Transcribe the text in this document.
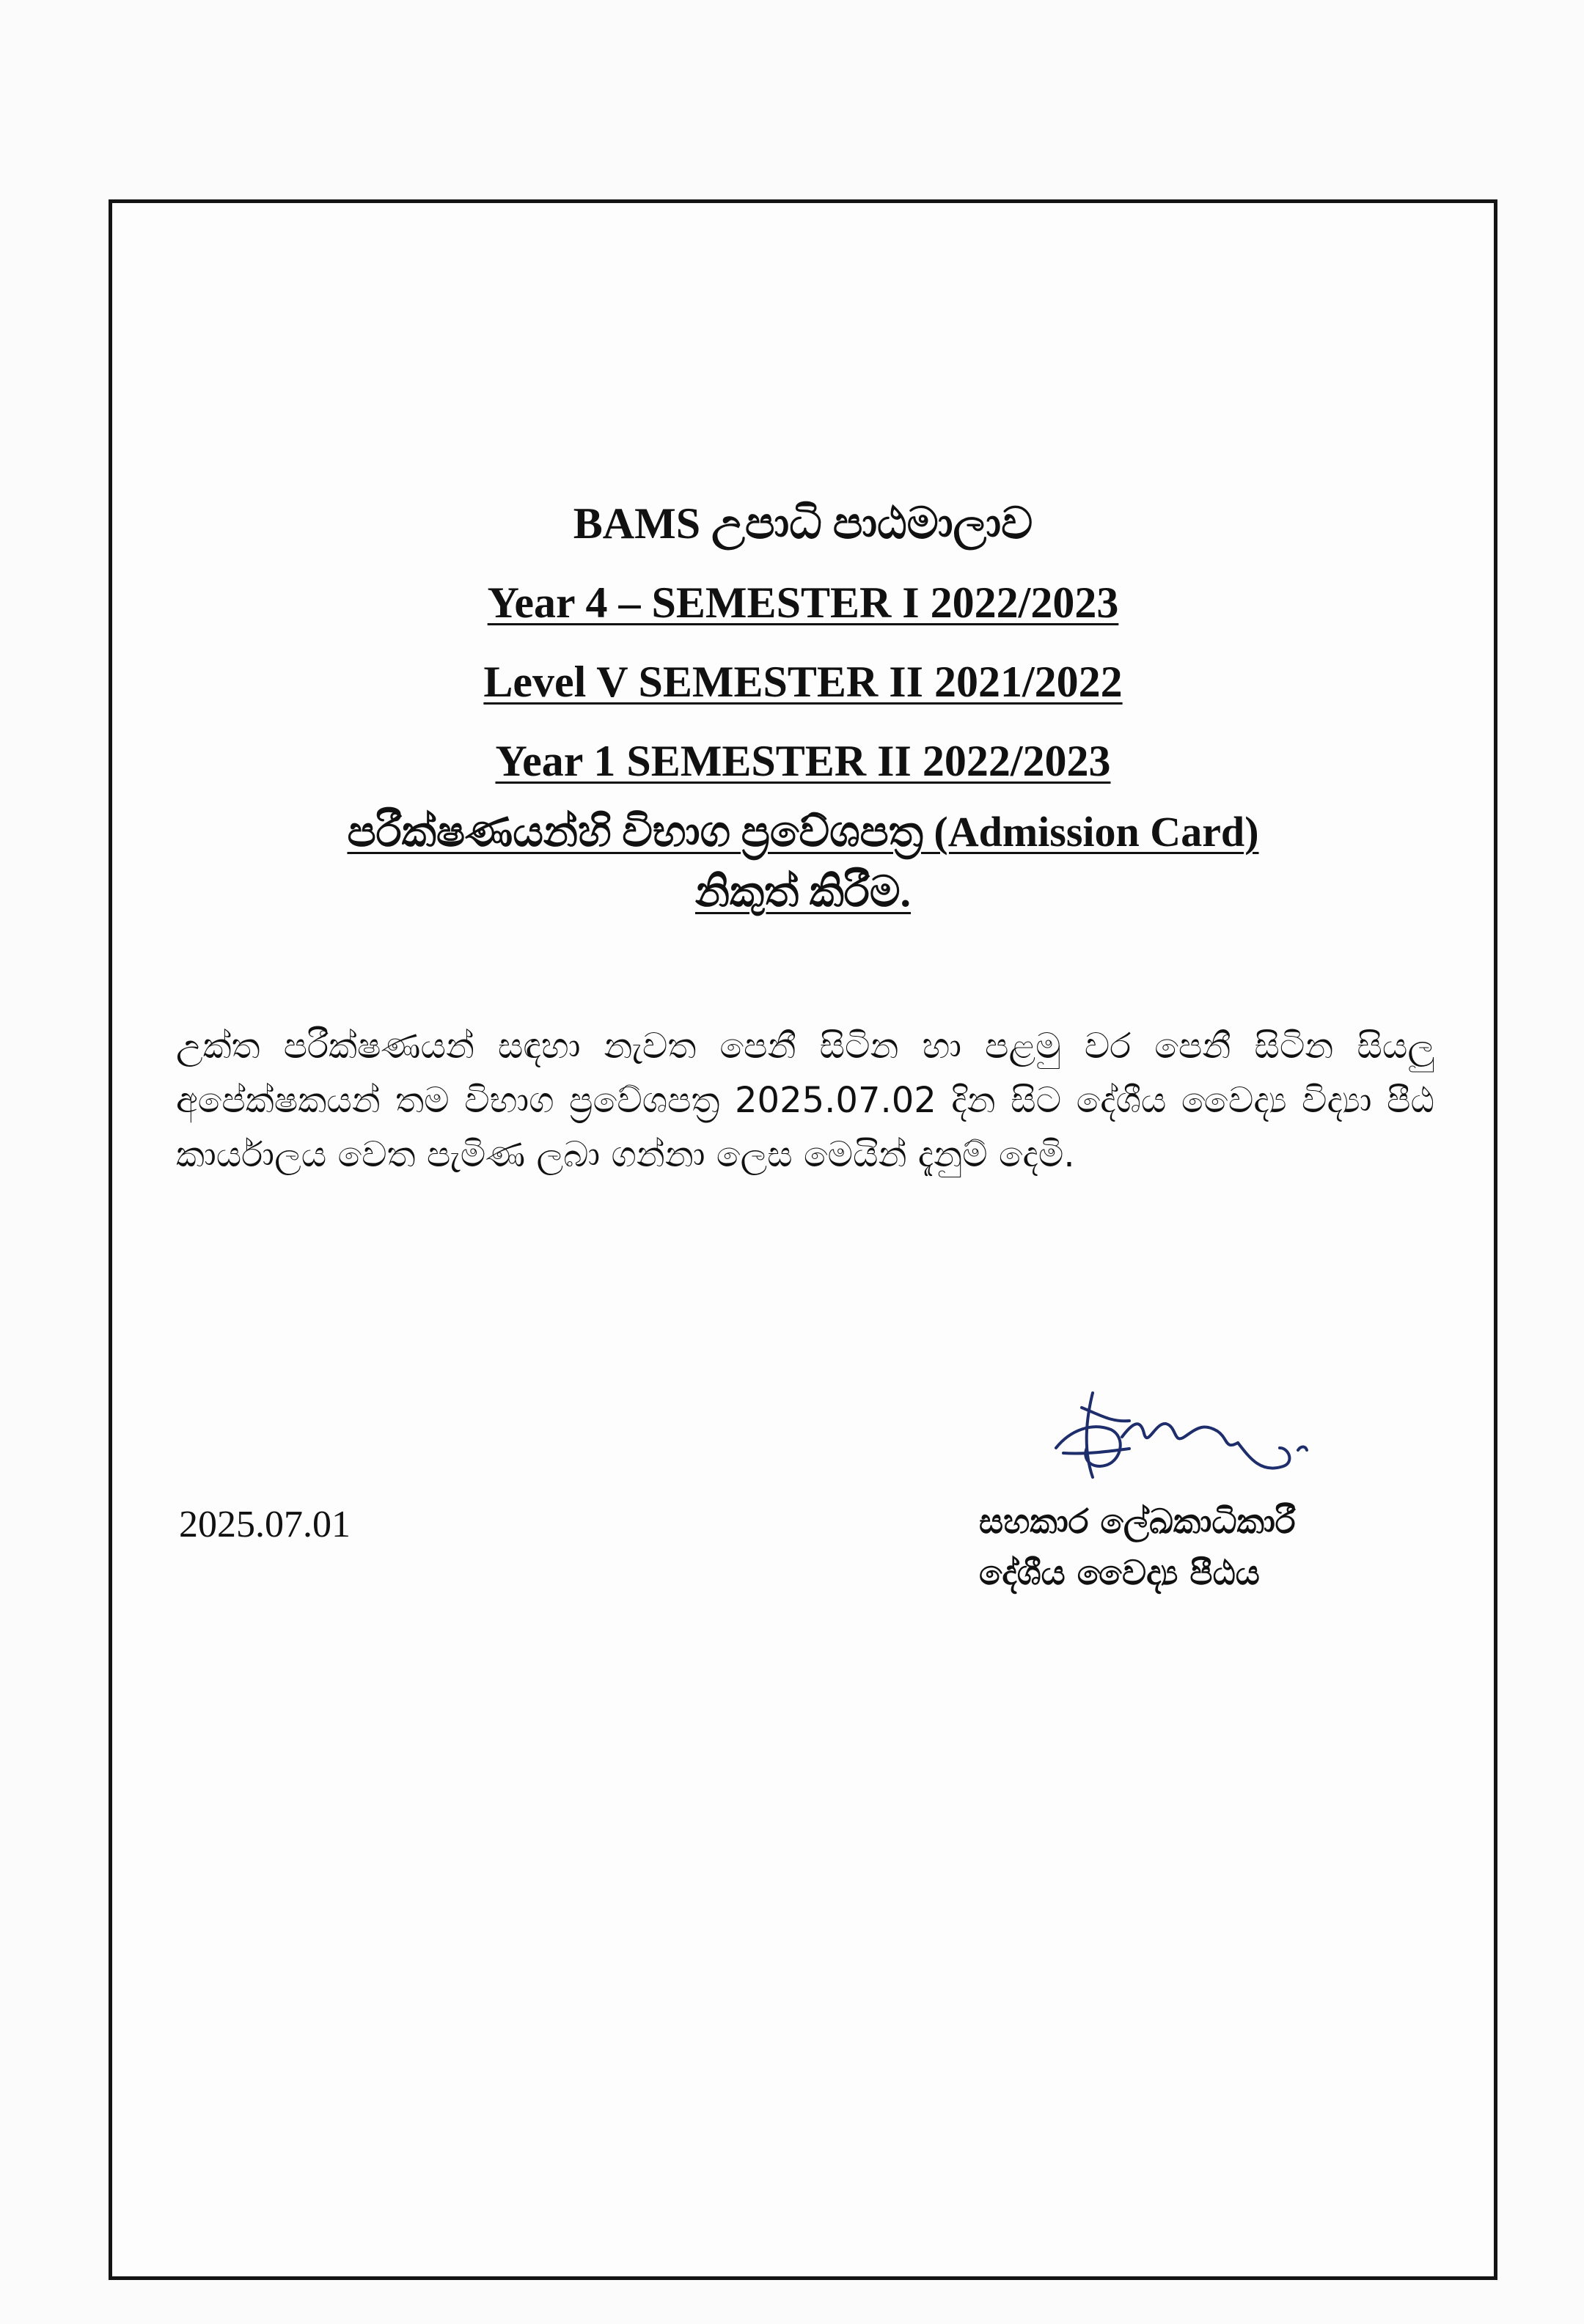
BAMS උපාධි පාඨමාලාව
Year 4 – SEMESTER I 2022/2023
Level V SEMESTER II 2021/2022
Year 1 SEMESTER II 2022/2023
පරීක්ෂණයන්හි විභාග ප්‍රවේශපත්‍ර (Admission Card)
නිකුත් කිරීම.
උක්ත පරීක්ෂණයන් සඳහා නැවත පෙනී සිටින හා පළමු වර පෙනී සිටින සියලු අපේක්ෂකයන් තම විභාග ප්‍රවේශපත්‍ර 2025.07.02 දින සිට දේශීය වෛද්‍ය විද්‍යා පීඨ කාර්යාලය වෙත පැමිණ ලබා ගන්නා ලෙස මෙයින් දැනුම් දෙමි.
2025.07.01	සහකාර ලේඛකාධිකාරී
දේශීය වෛද්‍ය පීඨය
